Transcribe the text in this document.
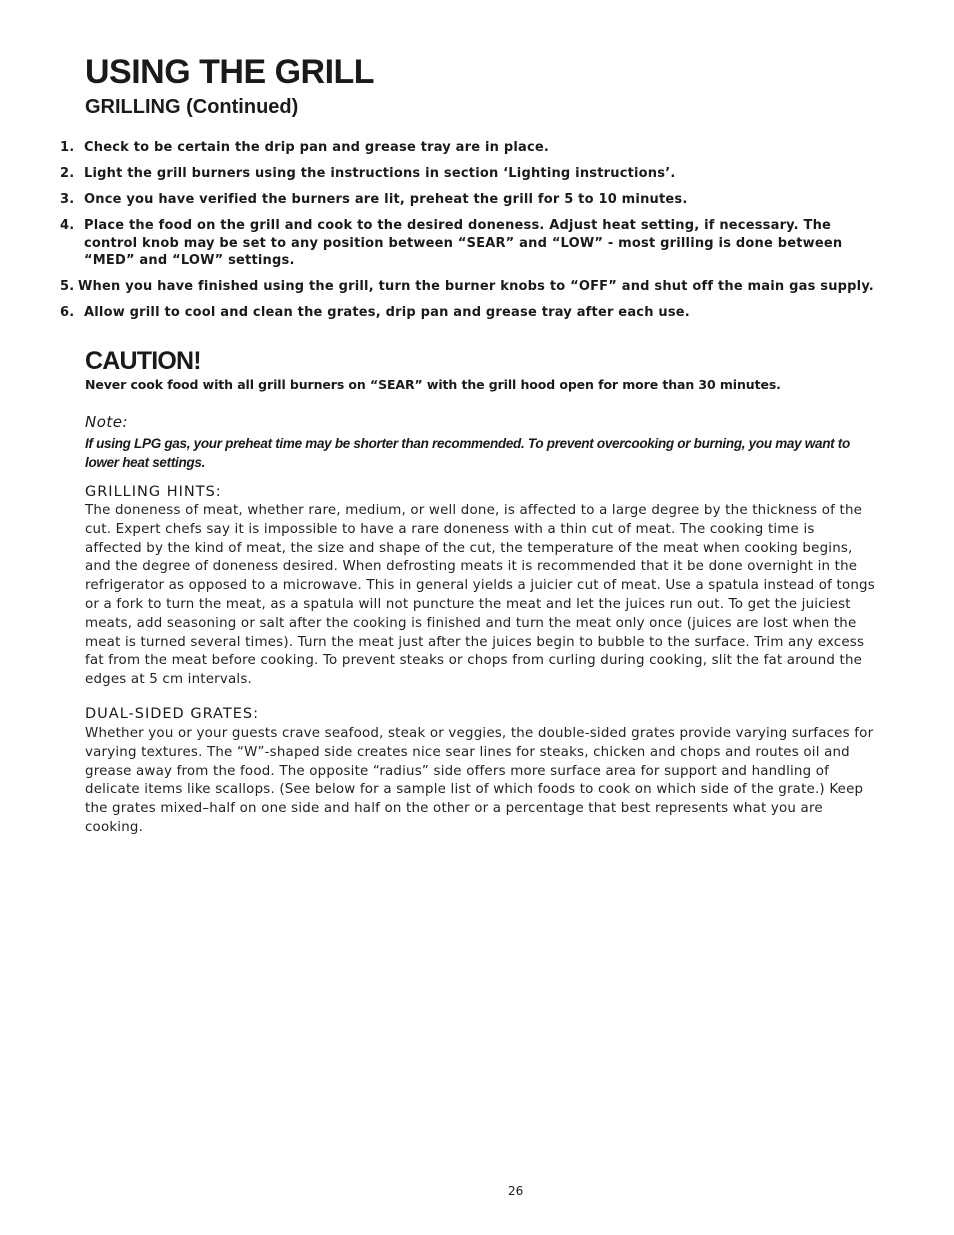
USING THE GRILL
GRILLING (Continued)
1. Check to be certain the drip pan and grease tray are in place.
2. Light the grill burners using the instructions in section ‘Lighting instructions’.
3. Once you have verified the burners are lit, preheat the grill for 5 to 10 minutes.
4. Place the food on the grill and cook to the desired doneness. Adjust heat setting, if necessary. The control knob may be set to any position between “SEAR” and “LOW” - most grilling is done between “MED” and “LOW” settings.
5. When you have finished using the grill, turn the burner knobs to “OFF” and shut off the main gas supply.
6. Allow grill to cool and clean the grates, drip pan and grease tray after each use.
CAUTION!

Never cook food with all grill burners on “SEAR” with the grill hood open for more than 30 minutes.

Note:

If using LPG gas, your preheat time may be shorter than recommended. To prevent overcooking or burning, you may want to lower heat settings.

GRILLING HINTS:

The doneness of meat, whether rare, medium, or well done, is affected to a large degree by the thickness of the cut. Expert chefs say it is impossible to have a rare doneness with a thin cut of meat. The cooking time is affected by the kind of meat, the size and shape of the cut, the temperature of the meat when cooking begins, and the degree of doneness desired. When defrosting meats it is recommended that it be done overnight in the refrigerator as opposed to a microwave. This in general yields a juicier cut of meat. Use a spatula instead of tongs or a fork to turn the meat, as a spatula will not puncture the meat and let the juices run out. To get the juiciest meats, add seasoning or salt after the cooking is finished and turn the meat only once (juices are lost when the meat is turned several times). Turn the meat just after the juices begin to bubble to the surface. Trim any excess fat from the meat before cooking. To prevent steaks or chops from curling during cooking, slit the fat around the edges at 5 cm intervals.

DUAL-SIDED GRATES:

Whether you or your guests crave seafood, steak or veggies, the double-sided grates provide varying surfaces for varying textures. The “W”-shaped side creates nice sear lines for steaks, chicken and chops and routes oil and grease away from the food. The opposite “radius” side offers more surface area for support and handling of delicate items like scallops. (See below for a sample list of which foods to cook on which side of the grate.) Keep the grates mixed–half on one side and half on the other or a percentage that best represents what you are cooking.

26
